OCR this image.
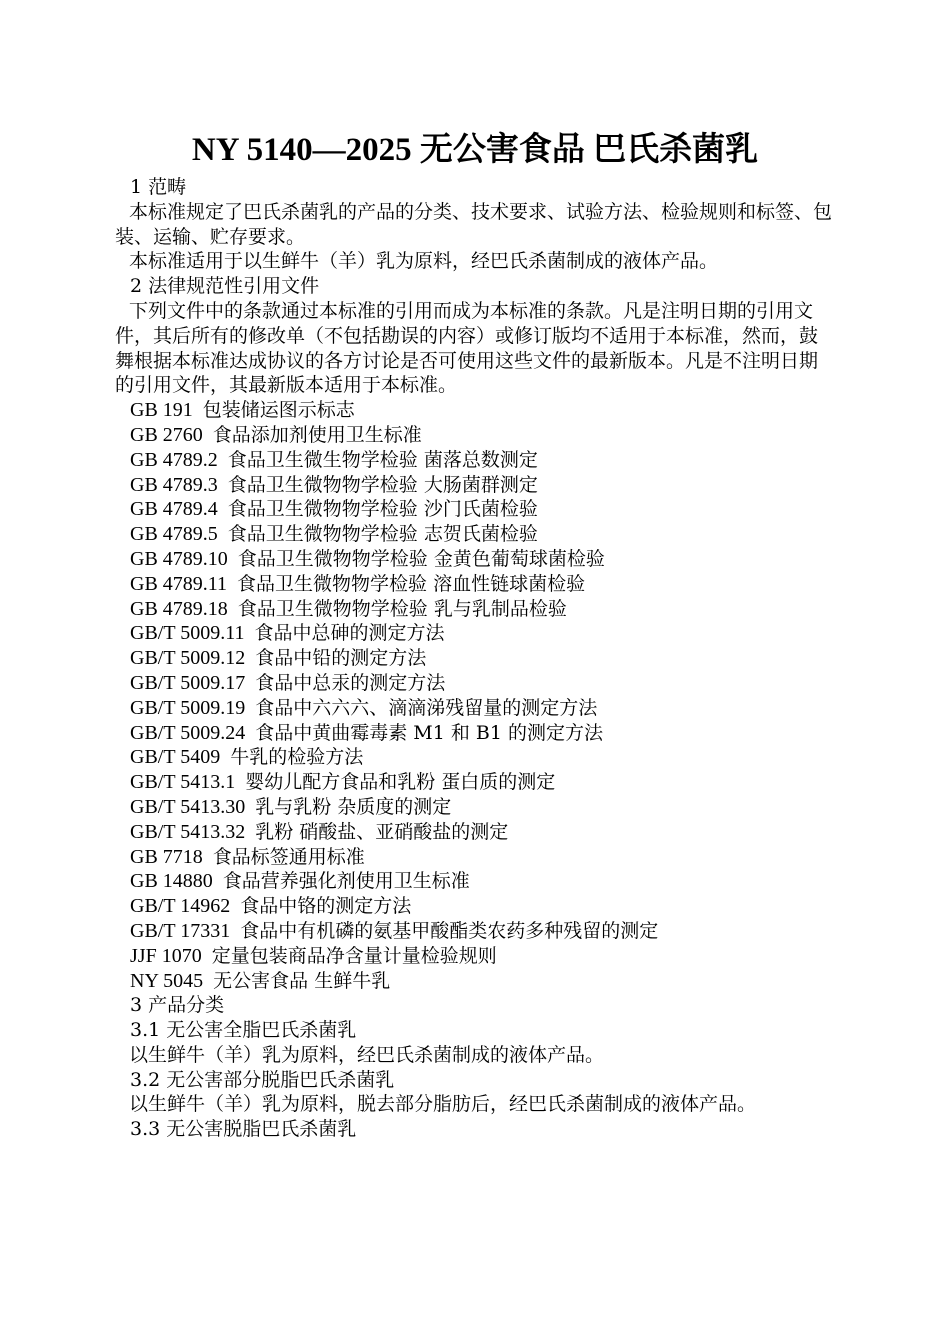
NY 5140—2025 无公害食品 巴氏杀菌乳
1 范畴
本标准规定了巴氏杀菌乳的产品的分类、技术要求、试验方法、检验规则和标签、包装、运输、贮存要求。
本标准适用于以生鲜牛（羊）乳为原料，经巴氏杀菌制成的液体产品。
2 法律规范性引用文件
下列文件中的条款通过本标准的引用而成为本标准的条款。凡是注明日期的引用文件，其后所有的修改单（不包括勘误的内容）或修订版均不适用于本标准，然而，鼓舞根据本标准达成协议的各方讨论是否可使用这些文件的最新版本。凡是不注明日期的引用文件，其最新版本适用于本标准。
GB 191 包装储运图示标志
GB 2760 食品添加剂使用卫生标准
GB 4789.2 食品卫生微生物学检验 菌落总数测定
GB 4789.3 食品卫生微物物学检验 大肠菌群测定
GB 4789.4 食品卫生微物物学检验 沙门氏菌检验
GB 4789.5 食品卫生微物物学检验 志贺氏菌检验
GB 4789.10 食品卫生微物物学检验 金黄色葡萄球菌检验
GB 4789.11 食品卫生微物物学检验 溶血性链球菌检验
GB 4789.18 食品卫生微物物学检验 乳与乳制品检验
GB/T 5009.11 食品中总砷的测定方法
GB/T 5009.12 食品中铅的测定方法
GB/T 5009.17 食品中总汞的测定方法
GB/T 5009.19 食品中六六六、滴滴涕残留量的测定方法
GB/T 5009.24 食品中黄曲霉毒素 M1 和 B1 的测定方法
GB/T 5409 牛乳的检验方法
GB/T 5413.1 婴幼儿配方食品和乳粉 蛋白质的测定
GB/T 5413.30 乳与乳粉 杂质度的测定
GB/T 5413.32 乳粉 硝酸盐、亚硝酸盐的测定
GB 7718 食品标签通用标准
GB 14880 食品营养强化剂使用卫生标准
GB/T 14962 食品中铬的测定方法
GB/T 17331 食品中有机磷的氨基甲酸酯类农药多种残留的测定
JJF 1070 定量包装商品净含量计量检验规则
NY 5045 无公害食品 生鲜牛乳
3 产品分类
3.1 无公害全脂巴氏杀菌乳
以生鲜牛（羊）乳为原料，经巴氏杀菌制成的液体产品。
3.2 无公害部分脱脂巴氏杀菌乳
以生鲜牛（羊）乳为原料，脱去部分脂肪后，经巴氏杀菌制成的液体产品。
3.3 无公害脱脂巴氏杀菌乳
